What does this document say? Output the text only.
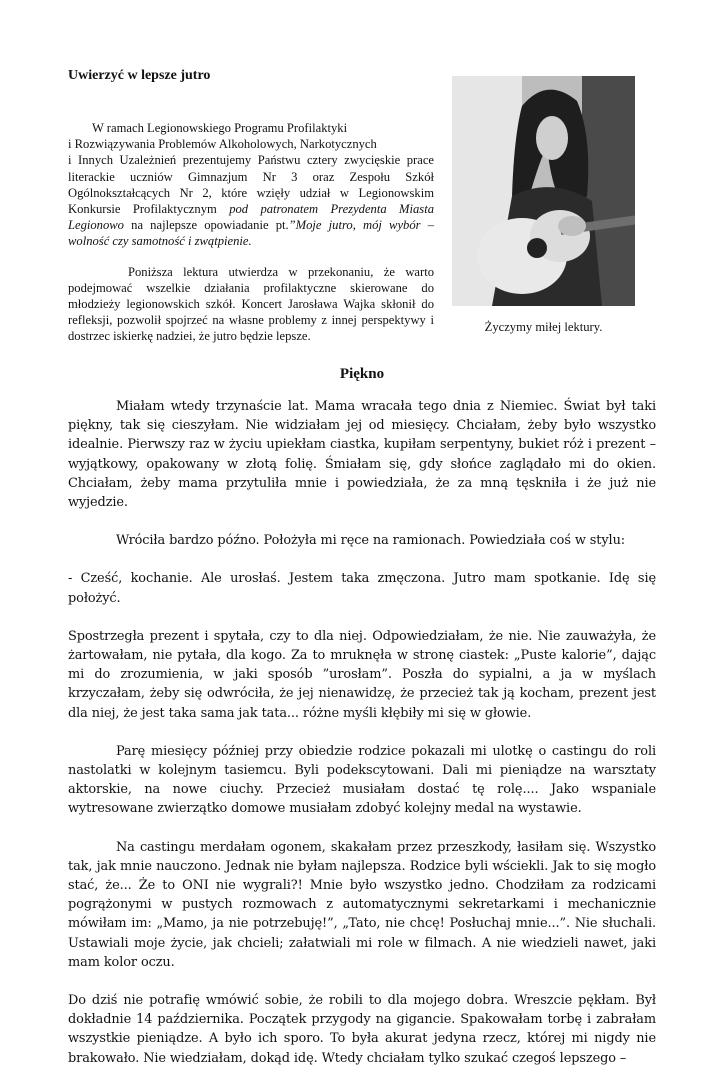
Uwierzyć w lepsze jutro

W ramach Legionowskiego Programu Profilaktyki
i Rozwiązywania Problemów Alkoholowych, Narkotycznych
i Innych Uzależnień prezentujemy Państwu cztery zwycięskie prace literackie uczniów Gimnazjum Nr 3 oraz Zespołu Szkół Ogólnokształcących Nr 2, które wzięły udział w Legionowskim Konkursie Profilaktycznym pod patronatem Prezydenta Miasta Legionowo na najlepsze opowiadanie pt.”Moje jutro, mój wybór – wolność czy samotność i zwątpienie.

Poniższa lektura utwierdza w przekonaniu, że warto podejmować wszelkie działania profilaktyczne skierowane do młodzieży legionowskich szkół. Koncert Jarosława Wajka skłonił do refleksji, pozwolił spojrzeć na własne problemy z innej perspektywy i dostrzec iskierkę nadziei, że jutro będzie lepsze.

Życzymy miłej lektury.
Piękno

Miałam wtedy trzynaście lat. Mama wracała tego dnia z Niemiec. Świat był taki piękny, tak się cieszyłam. Nie widziałam jej od miesięcy. Chciałam, żeby było wszystko idealnie. Pierwszy raz w życiu upiekłam ciastka, kupiłam serpentyny, bukiet róż i prezent – wyjątkowy, opakowany w złotą folię. Śmiałam się, gdy słońce zaglądało mi do okien. Chciałam, żeby mama przytuliła mnie i powiedziała, że za mną tęskniła i że już nie wyjedzie.

Wróciła bardzo późno. Położyła mi ręce na ramionach. Powiedziała coś w stylu:

- Cześć, kochanie. Ale urosłaś. Jestem taka zmęczona. Jutro mam spotkanie. Idę się położyć.

Spostrzegła prezent i spytała, czy to dla niej. Odpowiedziałam, że nie. Nie zauważyła, że żartowałam, nie pytała, dla kogo. Za to mruknęła w stronę ciastek: „Puste kalorie”, dając mi do zrozumienia, w jaki sposób ”urosłam”. Poszła do sypialni, a ja w myślach krzyczałam, żeby się odwróciła, że jej nienawidzę, że przecież tak ją kocham, prezent jest dla niej, że jest taka sama jak tata... różne myśli kłębiły mi się w głowie.

Parę miesięcy później przy obiedzie rodzice pokazali mi ulotkę o castingu do roli nastolatki w kolejnym tasiemcu. Byli podekscytowani. Dali mi pieniądze na warsztaty aktorskie, na nowe ciuchy. Przecież musiałam dostać tę rolę.... Jako wspaniale wytresowane zwierzątko domowe musiałam zdobyć kolejny medal na wystawie.

Na castingu merdałam ogonem, skakałam przez przeszkody, łasiłam się. Wszystko tak, jak mnie nauczono. Jednak nie byłam najlepsza. Rodzice byli wściekli. Jak to się mogło stać, że... Że to ONI nie wygrali?! Mnie było wszystko jedno. Chodziłam za rodzicami pogrążonymi w pustych rozmowach z automatycznymi sekretarkami i mechanicznie mówiłam im: „Mamo, ja nie potrzebuję!”, „Tato, nie chcę! Posłuchaj mnie...”. Nie słuchali. Ustawiali moje życie, jak chcieli; załatwiali mi role w filmach. A nie wiedzieli nawet, jaki mam kolor oczu.

Do dziś nie potrafię wmówić sobie, że robili to dla mojego dobra. Wreszcie pękłam. Był dokładnie 14 października. Początek przygody na gigancie. Spakowałam torbę i zabrałam wszystkie pieniądze. A było ich sporo. To była akurat jedyna rzecz, której mi nigdy nie brakowało. Nie wiedziałam, dokąd idę. Wtedy chciałam tylko szukać czegoś lepszego –
